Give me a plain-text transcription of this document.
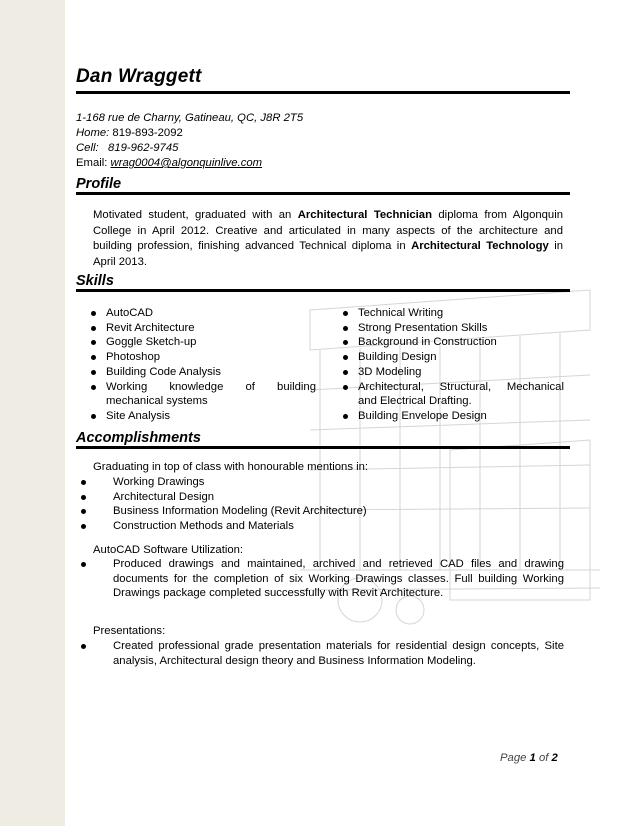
Dan Wraggett
1-168 rue de Charny, Gatineau, QC, J8R 2T5
Home: 819-893-2092
Cell: 819-962-9745
Email: wrag0004@algonquinlive.com
Profile
Motivated student, graduated with an Architectural Technician diploma from Algonquin College in April 2012. Creative and articulated in many aspects of the architecture and building profession, finishing advanced Technical diploma in Architectural Technology in April 2013.
Skills
AutoCAD
Revit Architecture
Goggle Sketch-up
Photoshop
Building Code Analysis
Working knowledge of building
mechanical systems
Site Analysis
Technical Writing
Strong Presentation Skills
Background in Construction
Building Design
3D Modeling
Architectural, Structural, Mechanical
and Electrical Drafting.
Building Envelope Design
Accomplishments
Graduating in top of class with honourable mentions in:
Working Drawings
Architectural Design
Business Information Modeling (Revit Architecture)
Construction Methods and Materials
AutoCAD Software Utilization:
Produced drawings and maintained, archived and retrieved CAD files and drawing documents for the completion of six Working Drawings classes. Full building Working Drawings package completed successfully with Revit Architecture.
Presentations:
Created professional grade presentation materials for residential design concepts, Site analysis, Architectural design theory and Business Information Modeling.
Page 1 of 2
